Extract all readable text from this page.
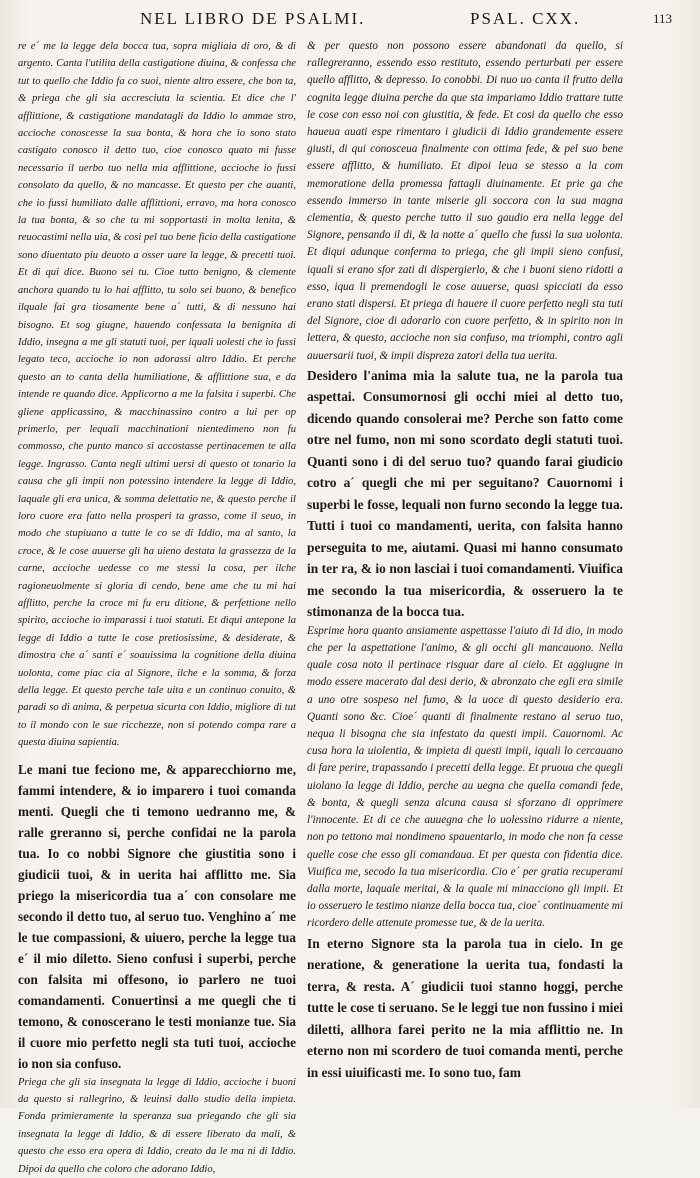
NEL LIBRO DE PSALMI.	PSAL. CXX.	113

re e´ me la legge dela bocca tua, sopra migliaia di oro, & di argento. Canta l'utilita della castigatione diuina, & confessa che tut to quello che Iddio fa co suoi, niente altro essere, che bon ta, & priega che gli sia accresciuta la scientia. Et dice che l' afflittione, & castigatione mandatagli da Iddio lo ammae stro, accioche conoscesse la sua bonta, & hora che io sono stato castigato conosco il detto tuo, cioe conosco quato mi fusse necessario il uerbo tuo nella mia afflittione, accioche io fussi consolato da quello, & no mancasse. Et questo per che auanti, che io fussi humiliato dalle afflittioni, erravo, ma hora conosco la tua bonta, & so che tu mi sopportasti in molta lenita, & reuocastimi nella uia, & cosi pel tuo bene ficio della castigatione sono diuentato piu deuoto a osser uare la legge, & precetti tuoi. Et di qui dice. Buono sei tu. Cioe tutto benigno, & clemente anchora quando tu lo hai afflitto, tu solo sei buono, & benefico ilquale fai gra tiosamente bene a´ tutti, & di nessuno hai bisogno. Et sog giugne, hauendo confessata la benignita di Iddio, insegna a me gli statuti tuoi, per iquali uolesti che io fussi legato teco, accioche io non adorassi altro Iddio. Et perche questo an to canta della humiliatione, & afflittione sua, e da intende re quando dice. Applicorno a me la falsita i superbi. Che gliene applicassino, & macchinassino contro a lui per op primerlo, per lequali macchinationi nientedimeno non fu commosso, che punto manco si accostasse pertinacemen te alla legge. Ingrasso. Canta negli ultimi uersi di questo ot tonario la causa che gli impii non potessino intendere la legge di Iddio, laquale gli era unica, & somma delettatio ne, & questo perche il loro cuore era fatto nella prosperi ta grasso, come il seuo, in modo che stupiuano a tutte le co se di Iddio, ma al santo, la croce, & le cose auuerse gli ha uieno destata la grassezza de la carne, accioche uedesse co me stessi la cosa, per ilche ragioneuolmente si gloria di cendo, bene ame che tu mi hai afflitto, perche la croce mi fu eru ditione, & perfettione nello spirito, accioche io imparassi i tuoi statuti. Et diqui antepone la legge di Iddio a tutte le cose pretiosissime, & desiderate, & dimostra che a´ santi e´ soauissima la cognitione della diuina uolonta, come piac cia al Signore, ilche e la somma, & forza della legge. Et questo perche tale uita e un continuo conuito, & paradi so di anima, & perpetua sicurta con Iddio, migliore di tut to il mondo con le sue ricchezze, non si potendo compa rare a questa diuina sapientia.

Le mani tue feciono me, & apparecchiorno me, fammi intendere, & io imparero i tuoi comanda menti. Quegli che ti temono uedranno me, & ralle greranno si, perche confidai ne la parola tua. Io co nobbi Signore che giustitia sono i giudicii tuoi, & in uerita hai afflitto me. Sia priego la misericordia tua a´ con consolare me secondo il detto tuo, al seruo tuo. Venghino a´ me le tue compassioni, & uiuero, perche la legge tua e´ il mio diletto. Sieno confusi i superbi, perche con falsita mi offesono, io parlero ne tuoi comandamenti. Conuertinsi a me quegli che ti temono, & conoscerano le testi monianze tue. Sia il cuore mio perfetto negli sta tuti tuoi, accioche io non sia confuso.

Priega che gli sia insegnata la legge di Iddio, accioche i buoni da questo si rallegrino, & leuinsi dallo studio della impieta. Fonda primieramente la speranza sua priegando che gli sia insegnata la legge di Iddio, & di essere liberato da mali, & questo che esso era opera di Iddio, creato da le ma ni di Iddio. Dipoi da quello che coloro che adorano Iddio,

& per questo non possono essere abandonati da quello, si rallegreranno, essendo esso restituto, essendo perturbati per essere quello afflitto, & depresso. Io conobbi. Di nuo uo canta il frutto della cognita legge diuina perche da que sta impariamo Iddio trattare tutte le cose con esso noi con giustitia, & fede. Et cosi da quello che esso haueua auati espe rimentaro i giudicii di Iddio grandemente essere giusti, di qui conosceua finalmente con ottima fede, & pel suo bene essere afflitto, & humiliato. Et dipoi leua se stesso a la com memoratione della promessa fattagli diuinamente. Et prie ga che essendo immerso in tante miserie gli soccora con la sua magna clementia, & questo perche tutto il suo gaudio era nella legge del Signore, pensando il di, & la notte a´ quello che fussi la sua uolonta. Et diqui adunque conferma to priega, che gli impii sieno confusi, iquali si erano sfor zati di dispergierlo, & che i buoni sieno ridotti a esso, iqua li premendogli le cose auuerse, quasi spicciati da esso erano stati dispersi. Et priega di hauere il cuore perfetto negli sta tuti del Signore, cioe di adorarlo con cuore perfetto, & in spirito non in lettera, & questo, accioche non sia confuso, ma triomphi, contro agli auuersarii tuoi, & impii dispreza zatori della tua uerita.

Desidero l'anima mia la salute tua, ne la parola tua aspettai. Consumornosi gli occhi miei al detto tuo, dicendo quando consolerai me? Perche son fatto come otre nel fumo, non mi sono scordato degli statuti tuoi. Quanti sono i di del seruo tuo? quando farai giudicio cotro a´ quegli che mi per seguitano? Cauornomi i superbi le fosse, lequali non furno secondo la legge tua. Tutti i tuoi co mandamenti, uerita, con falsita hanno perseguita to me, aiutami. Quasi mi hanno consumato in ter ra, & io non lasciai i tuoi comandamenti. Viuifica me secondo la tua misericordia, & osseruero la te stimonanza de la bocca tua.

Esprime hora quanto ansiamente aspettasse l'aiuto di Id dio, in modo che per la aspettatione l'animo, & gli occhi gli mancauono. Nella quale cosa noto il pertinace risguar dare al cielo. Et aggiugne in modo essere macerato dal desi derio, & abronzato che egli era simile a uno otre sospeso nel fumo, & la uoce di questo desiderio era. Quanti sono &c. Cioe´ quanti di finalmente restano al seruo tuo, nequa li bisogna che sia infestato da questi impii. Cauornomi. Ac cusa hora la uiolentia, & impieta di questi impii, iquali lo cercauano di fare perire, trapassando i precetti della legge. Et pruoua che quegli uiolano la legge di Iddio, perche au uegna che quella comandi fede, & bonta, & quegli senza alcuna causa si sforzano di opprimere l'innocente. Et di ce che auuegna che lo uolessino ridurre a niente, non po tettono mai nondimeno spauentarlo, in modo che non fa cesse quelle cose che esso gli comandaua. Et per questa con fidentia dice. Viuifica me, secodo la tua misericordia. Cio e´ per gratia recuperami dalla morte, laquale meritai, & la quale mi minacciono gli impii. Et io osseruero le testimo nianze della bocca tua, cioe´ continuamente mi ricordero delle attenute promesse tue, & de la uerita.

In eterno Signore sta la parola tua in cielo. In ge neratione, & generatione la uerita tua, fondasti la terra, & resta. A´ giudicii tuoi stanno hoggi, perche tutte le cose ti seruano. Se le leggi tue non fussino i miei diletti, allhora farei perito ne la mia afflittio ne. In eterno non mi scordero de tuoi comanda menti, perche in essi uiuificasti me. Io sono tuo, fam
